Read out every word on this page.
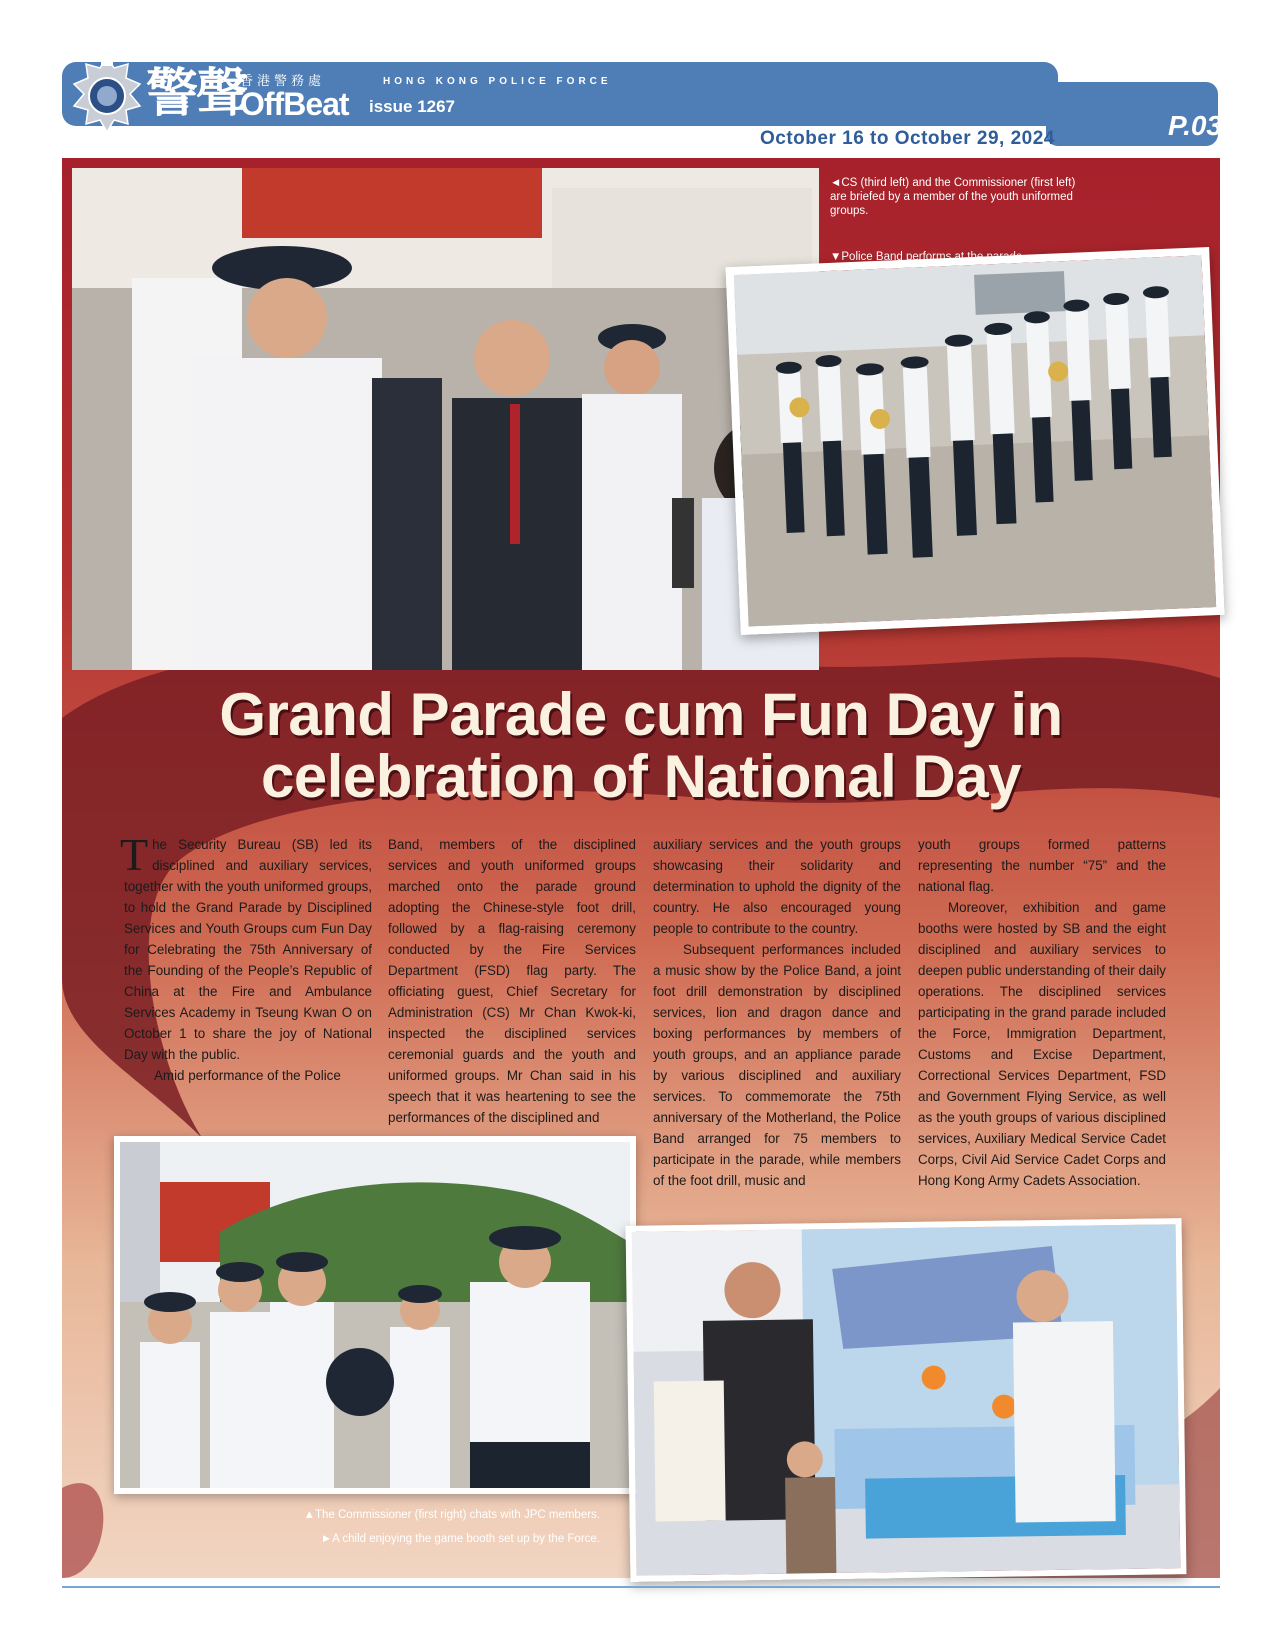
警聲
香港警務處	HONG KONG POLICE FORCE
OffBeat issue 1267
October 16 to October 29, 2024	P.03
◄CS (third left) and the Commissioner (first left) are briefed by a member of the youth uniformed groups.
▼Police Band performs at the parade.
Grand Parade cum Fun Day in
celebration of National Day

The Security Bureau (SB) led its disciplined and auxiliary services, together with the youth uniformed groups, to hold the Grand Parade by Disciplined Services and Youth Groups cum Fun Day for Celebrating the 75th Anniversary of the Founding of the People’s Republic of China at the Fire and Ambulance Services Academy in Tseung Kwan O on October 1 to share the joy of National Day with the public.

Amid performance of the Police

Band, members of the disciplined services and youth uniformed groups marched onto the parade ground adopting the Chinese-style foot drill, followed by a flag-raising ceremony conducted by the Fire Services Department (FSD) flag party. The officiating guest, Chief Secretary for Administration (CS) Mr Chan Kwok-ki, inspected the disciplined services ceremonial guards and the youth and uniformed groups. Mr Chan said in his speech that it was heartening to see the performances of the disciplined and

auxiliary services and the youth groups showcasing their solidarity and determination to uphold the dignity of the country. He also encouraged young people to contribute to the country.

Subsequent performances included a music show by the Police Band, a joint foot drill demonstration by disciplined services, lion and dragon dance and boxing performances by members of youth groups, and an appliance parade by various disciplined and auxiliary services. To commemorate the 75th anniversary of the Motherland, the Police Band arranged for 75 members to participate in the parade, while members of the foot drill, music and

youth groups formed patterns representing the number “75” and the national flag.

Moreover, exhibition and game booths were hosted by SB and the eight disciplined and auxiliary services to deepen public understanding of their daily operations. The disciplined services participating in the grand parade included the Force, Immigration Department, Customs and Excise Department, Correctional Services Department, FSD and Government Flying Service, as well as the youth groups of various disciplined services, Auxiliary Medical Service Cadet Corps, Civil Aid Service Cadet Corps and Hong Kong Army Cadets Association.

▲The Commissioner (first right) chats with JPC members.
►A child enjoying the game booth set up by the Force.
